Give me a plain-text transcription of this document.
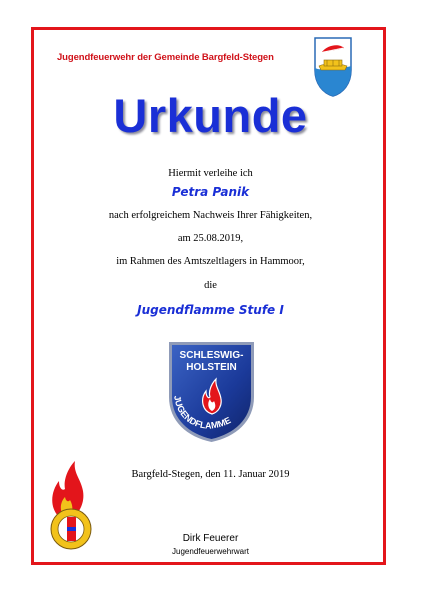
Jugendfeuerwehr der Gemeinde Bargfeld-Stegen
Urkunde
Hiermit verleihe ich
Petra Panik
nach erfolgreichem Nachweis Ihrer Fähigkeiten,
am 25.08.2019,
im Rahmen des Amtszeltlagers in Hammoor,
die
Jugendflamme Stufe I
SCHLESWIG-
HOLSTEIN
JUGENDFLAMME
Bargfeld-Stegen, den 11. Januar 2019
Dirk Feuerer
Jugendfeuerwehrwart
